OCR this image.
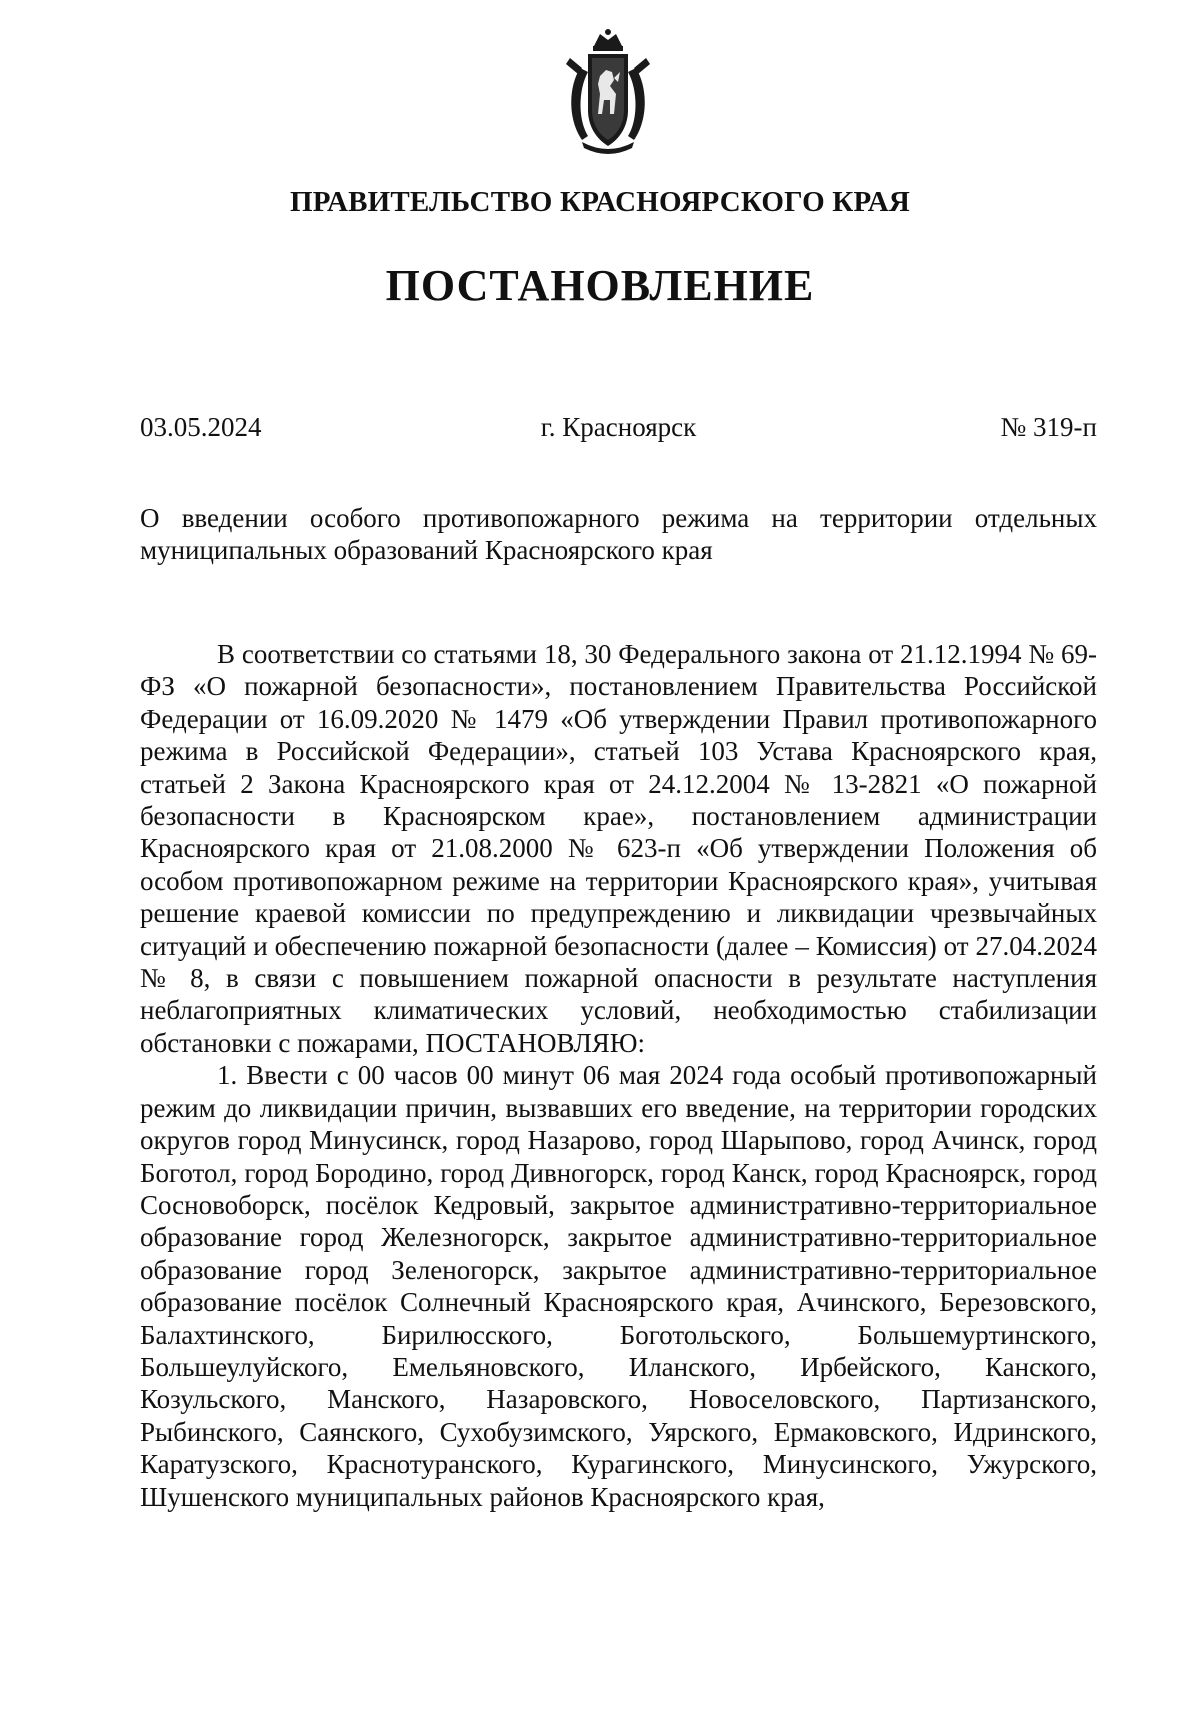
ПРАВИТЕЛЬСТВО КРАСНОЯРСКОГО КРАЯ
ПОСТАНОВЛЕНИЕ
03.05.2024	г. Красноярск	№ 319-п
О введении особого противопожарного режима на территории отдельных муниципальных образований Красноярского края

В соответствии со статьями 18, 30 Федерального закона от 21.12.1994 № 69-ФЗ «О пожарной безопасности», постановлением Правительства Российской Федерации от 16.09.2020 № 1479 «Об утверждении Правил противопожарного режима в Российской Федерации», статьей 103 Устава Красноярского края, статьей 2 Закона Красноярского края от 24.12.2004 № 13-2821 «О пожарной безопасности в Красноярском крае», постановлением администрации Красноярского края от 21.08.2000 № 623-п «Об утверждении Положения об особом противопожарном режиме на территории Красноярского края», учитывая решение краевой комиссии по предупреждению и ликвидации чрезвычайных ситуаций и обеспечению пожарной безопасности (далее – Комиссия) от 27.04.2024 № 8, в связи с повышением пожарной опасности в результате наступления неблагоприятных климатических условий, необходимостью стабилизации обстановки с пожарами, ПОСТАНОВЛЯЮ:

1. Ввести с 00 часов 00 минут 06 мая 2024 года особый противопожарный режим до ликвидации причин, вызвавших его введение, на территории городских округов город Минусинск, город Назарово, город Шарыпово, город Ачинск, город Боготол, город Бородино, город Дивногорск, город Канск, город Красноярск, город Сосновоборск, посёлок Кедровый, закрытое административно-территориальное образование город Железногорск, закрытое административно-территориальное образование город Зеленогорск, закрытое административно-территориальное образование посёлок Солнечный Красноярского края, Ачинского, Березовского, Балахтинского, Бирилюсского, Боготольского, Большемуртинского, Большеулуйского, Емельяновского, Иланского, Ирбейского, Канского, Козульского, Манского, Назаровского, Новоселовского, Партизанского, Рыбинского, Саянского, Сухобузимского, Уярского, Ермаковского, Идринского, Каратузского, Краснотуранского, Курагинского, Минусинского, Ужурского, Шушенского муниципальных районов Красноярского края,
